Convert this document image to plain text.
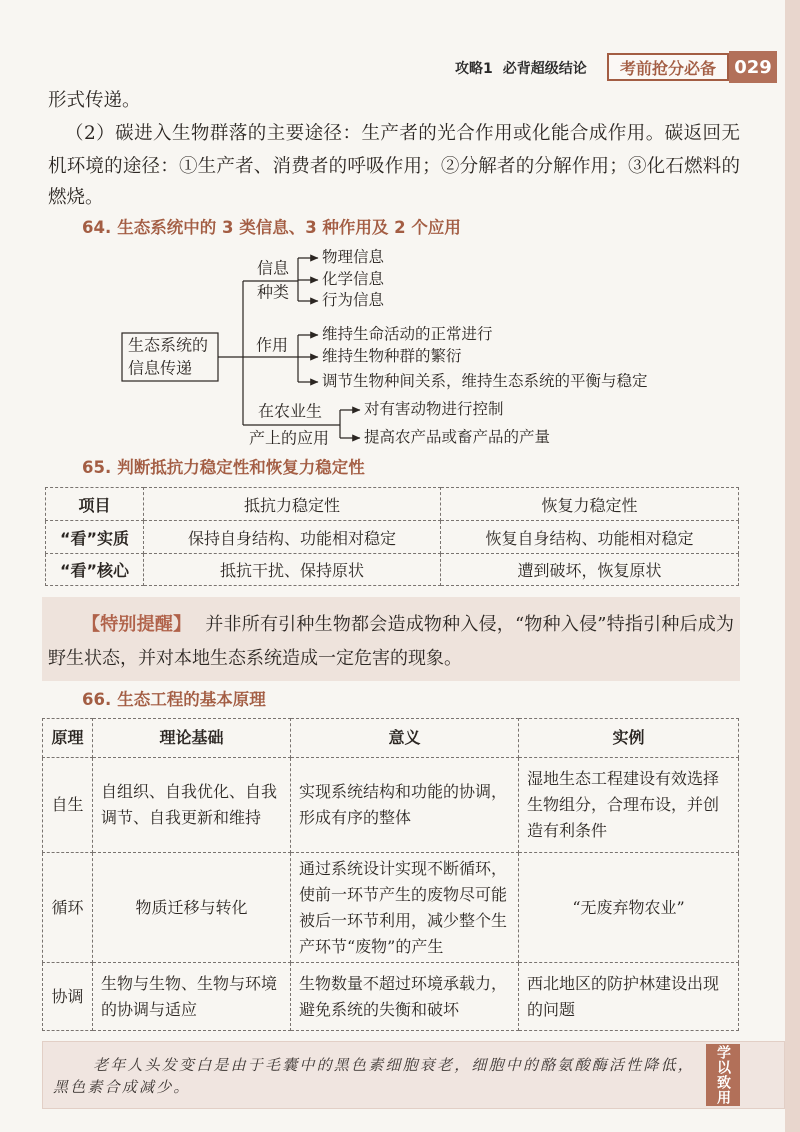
攻略1 必背超级结论	考前抢分必备	029
形式传递。
（2）碳进入生物群落的主要途径：生产者的光合作用或化能合成作用。碳返回无
机环境的途径：①生产者、消费者的呼吸作用；②分解者的分解作用；③化石燃料的
燃烧。
64. 生态系统中的 3 类信息、3 种作用及 2 个应用
生态系统的
信息传递
信息
种类
物理信息
化学信息
行为信息
作用
维持生命活动的正常进行
维持生物种群的繁衍
调节生物种间关系，维持生态系统的平衡与稳定
在农业生
产上的应用
对有害动物进行控制
提高农产品或畜产品的产量
65. 判断抵抗力稳定性和恢复力稳定性
项目	抵抗力稳定性	恢复力稳定性
“看”实质	保持自身结构、功能相对稳定	恢复自身结构、功能相对稳定
“看”核心	抵抗干扰、保持原状	遭到破坏，恢复原状

【特别提醒】 并非所有引种生物都会造成物种入侵，“物种入侵”特指引种后成为野生状态，并对本地生态系统造成一定危害的现象。

66. 生态工程的基本原理
原理	理论基础	意义	实例
自生	自组织、自我优化、自我调节、自我更新和维持	实现系统结构和功能的协调，形成有序的整体	湿地生态工程建设有效选择生物组分，合理布设，并创造有利条件
循环	物质迁移与转化	通过系统设计实现不断循环，使前一环节产生的废物尽可能被后一环节利用，减少整个生产环节“废物”的产生	“无废弃物农业”
协调	生物与生物、生物与环境的协调与适应	生物数量不超过环境承载力，避免系统的失衡和破坏	西北地区的防护林建设出现的问题

老年人头发变白是由于毛囊中的黑色素细胞衰老，细胞中的酪氨酸酶活性降低，黑色素合成减少。	学以致用
